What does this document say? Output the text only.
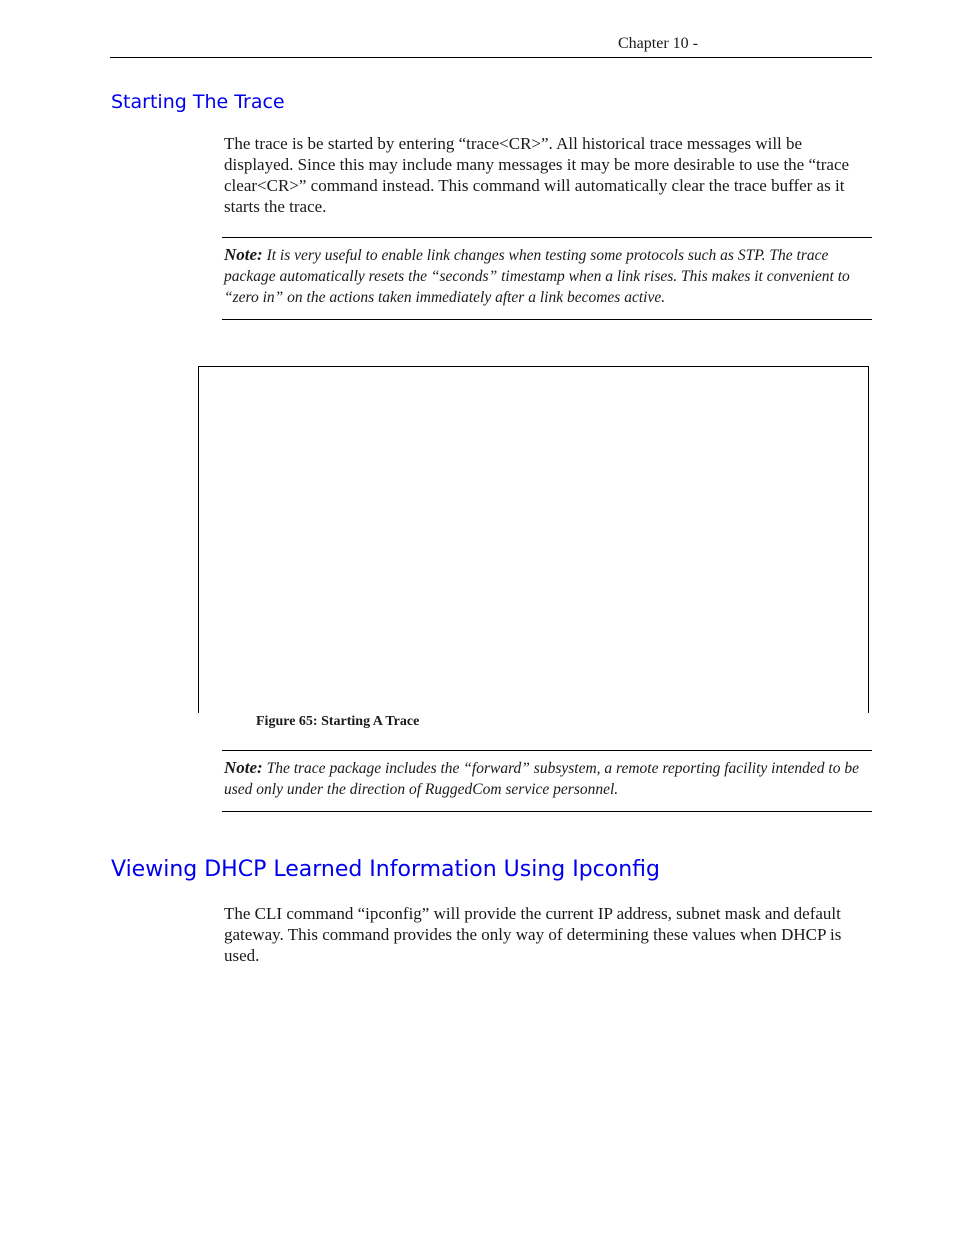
Chapter 10 -
Starting The Trace

The trace is be started by entering “trace<CR>”. All historical trace messages will be displayed. Since this may include many messages it may be more desirable to use the “trace clear<CR>” command instead. This command will automatically clear the trace buffer as it starts the trace.

Note: It is very useful to enable link changes when testing some protocols such as STP. The trace package automatically resets the “seconds” timestamp when a link rises. This makes it convenient to “zero in” on the actions taken immediately after a link becomes active.
Figure 65: Starting A Trace
Note: The trace package includes the “forward” subsystem, a remote reporting facility intended to be used only under the direction of RuggedCom service personnel.
Viewing DHCP Learned Information Using Ipconfig

The CLI command “ipconfig” will provide the current IP address, subnet mask and default gateway. This command provides the only way of determining these values when DHCP is used.
